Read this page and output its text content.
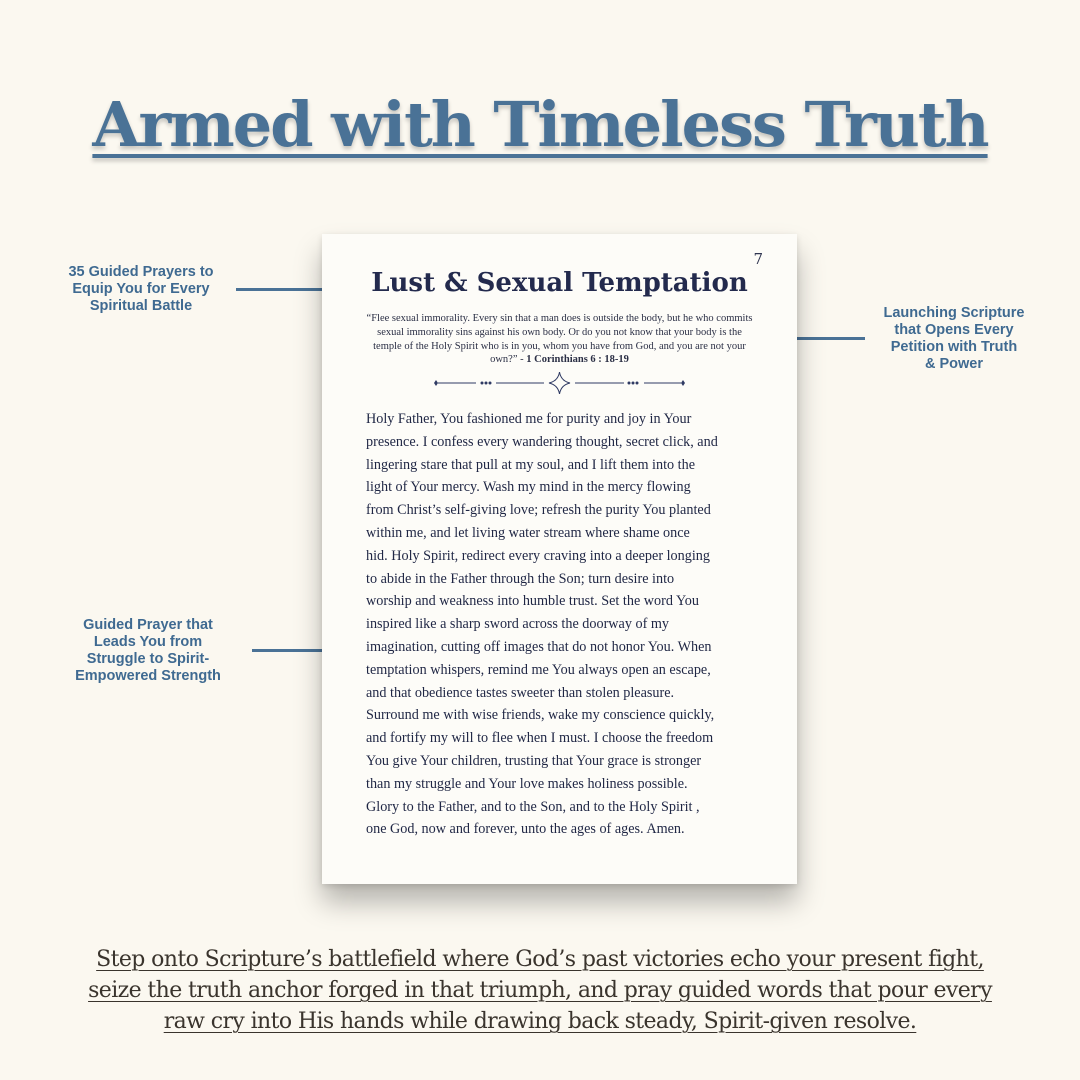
Armed with Timeless Truth
35 Guided Prayers to
Equip You for Every
Spiritual Battle	Launching Scripture
that Opens Every
Petition with Truth
& Power
Guided Prayer that
Leads You from
Struggle to Spirit-
Empowered Strength
7
Lust & Sexual Temptation
“Flee sexual immorality. Every sin that a man does is outside the body, but he who commits sexual immorality sins against his own body. Or do you not know that your body is the temple of the Holy Spirit who is in you, whom you have from God, and you are not your own?” - 1 Corinthians 6 : 18-19
Holy Father, You fashioned me for purity and joy in Your
presence. I confess every wandering thought, secret click, and
lingering stare that pull at my soul, and I lift them into the
light of Your mercy. Wash my mind in the mercy flowing
from Christ’s self-giving love; refresh the purity You planted
within me, and let living water stream where shame once
hid. Holy Spirit, redirect every craving into a deeper longing
to abide in the Father through the Son; turn desire into
worship and weakness into humble trust. Set the word You
inspired like a sharp sword across the doorway of my
imagination, cutting off images that do not honor You. When
temptation whispers, remind me You always open an escape,
and that obedience tastes sweeter than stolen pleasure.
Surround me with wise friends, wake my conscience quickly,
and fortify my will to flee when I must. I choose the freedom
You give Your children, trusting that Your grace is stronger
than my struggle and Your love makes holiness possible.
Glory to the Father, and to the Son, and to the Holy Spirit ,
one God, now and forever, unto the ages of ages. Amen.
Step onto Scripture’s battlefield where God’s past victories echo your present fight,
seize the truth anchor forged in that triumph, and pray guided words that pour every
raw cry into His hands while drawing back steady, Spirit-given resolve.
